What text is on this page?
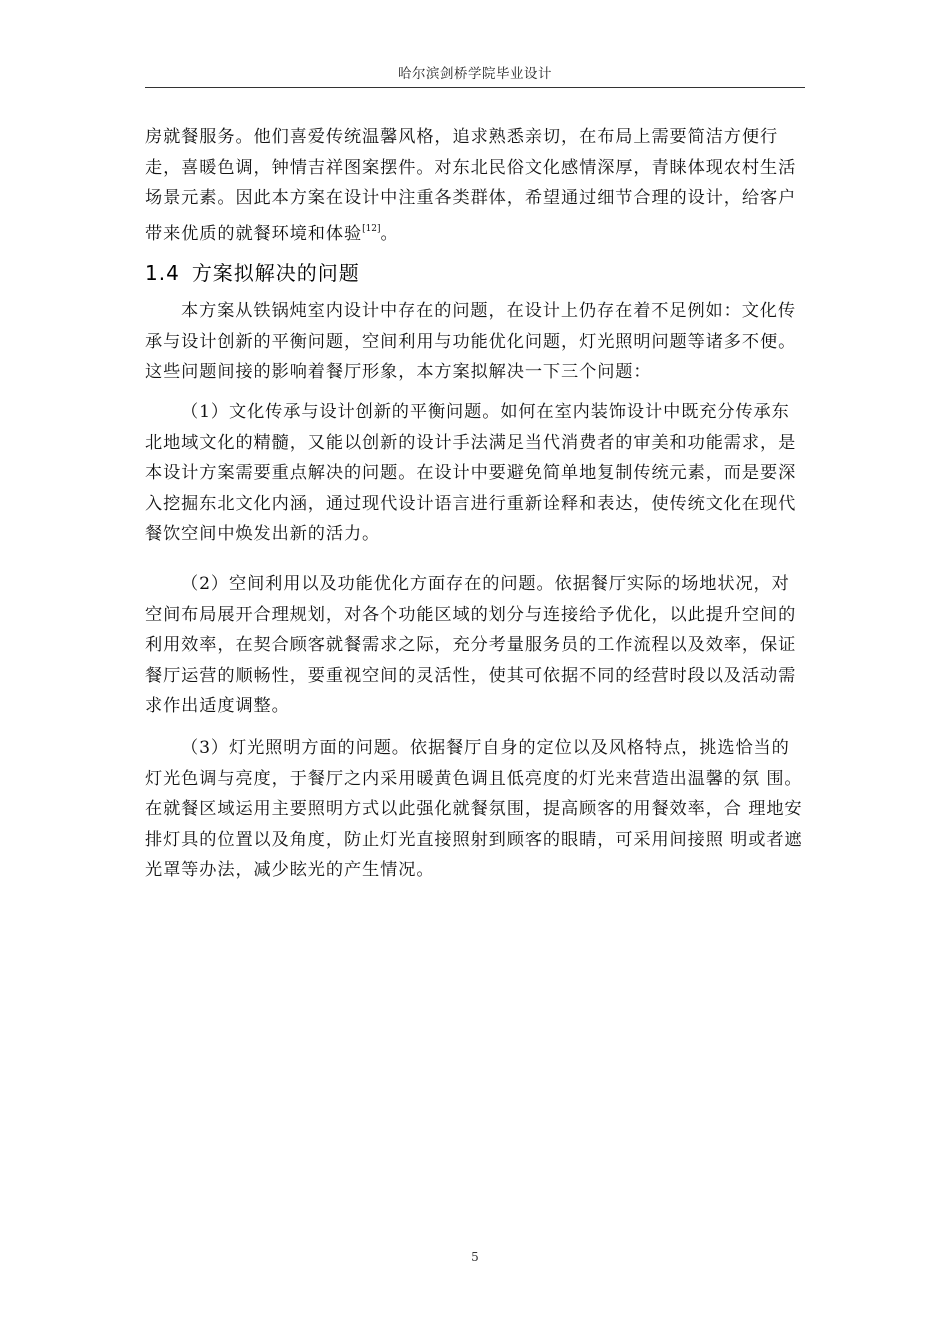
哈尔滨剑桥学院毕业设计

房就餐服务。他们喜爱传统温馨风格，追求熟悉亲切，在布局上需要简洁方便行走，喜暖色调，钟情吉祥图案摆件。对东北民俗文化感情深厚，青睐体现农村生活场景元素。因此本方案在设计中注重各类群体，希望通过细节合理的设计，给客户带来优质的就餐环境和体验[12]。

1.4 方案拟解决的问题

本方案从铁锅炖室内设计中存在的问题，在设计上仍存在着不足例如：文化传承与设计创新的平衡问题，空间利用与功能优化问题，灯光照明问题等诸多不便。这些问题间接的影响着餐厅形象，本方案拟解决一下三个问题：

（1）文化传承与设计创新的平衡问题。如何在室内装饰设计中既充分传承东北地域文化的精髓，又能以创新的设计手法满足当代消费者的审美和功能需求，是本设计方案需要重点解决的问题。在设计中要避免简单地复制传统元素，而是要深入挖掘东北文化内涵，通过现代设计语言进行重新诠释和表达，使传统文化在现代餐饮空间中焕发出新的活力。

（2）空间利用以及功能优化方面存在的问题。依据餐厅实际的场地状况，对空间布局展开合理规划，对各个功能区域的划分与连接给予优化，以此提升空间的利用效率，在契合顾客就餐需求之际，充分考量服务员的工作流程以及效率，保证餐厅运营的顺畅性，要重视空间的灵活性，使其可依据不同的经营时段以及活动需求作出适度调整。

（3）灯光照明方面的问题。依据餐厅自身的定位以及风格特点，挑选恰当的灯光色调与亮度，于餐厅之内采用暖黄色调且低亮度的灯光来营造出温馨的氛 围。在就餐区域运用主要照明方式以此强化就餐氛围，提高顾客的用餐效率，合 理地安排灯具的位置以及角度，防止灯光直接照射到顾客的眼睛，可采用间接照 明或者遮光罩等办法，减少眩光的产生情况。

5
